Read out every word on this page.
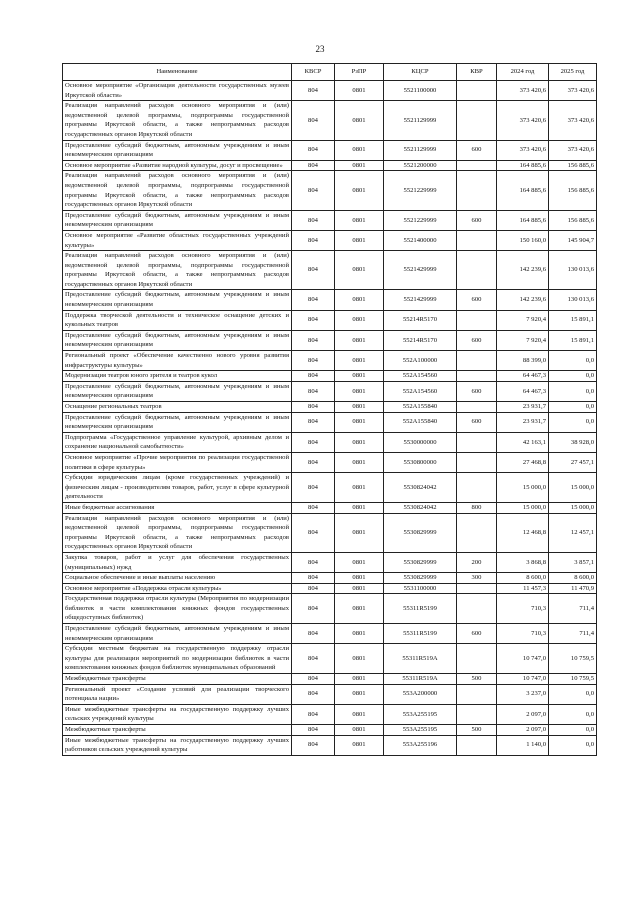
23
Наименование	КВСР	РзПР	КЦСР	КВР	2024 год	2025 год
Основное мероприятие «Организация деятельности государственных музеев Иркутской области»	804	0801	5521100000		373 420,6	373 420,6
Реализация направлений расходов основного мероприятия и (или) ведомственной целевой программы, подпрограммы государственной программы Иркутской области, а также непрограммных расходов государственных органов Иркутской области	804	0801	5521129999		373 420,6	373 420,6
Предоставление субсидий бюджетным, автономным учреждениям и иным некоммерческим организациям	804	0801	5521129999	600	373 420,6	373 420,6
Основное мероприятие «Развитие народной культуры, досуг и просвещение»	804	0801	5521200000		164 885,6	156 885,6
Реализация направлений расходов основного мероприятия и (или) ведомственной целевой программы, подпрограммы государственной программы Иркутской области, а также непрограммных расходов государственных органов Иркутской области	804	0801	5521229999		164 885,6	156 885,6
Предоставление субсидий бюджетным, автономным учреждениям и иным некоммерческим организациям	804	0801	5521229999	600	164 885,6	156 885,6
Основное мероприятие «Развитие областных государственных учреждений культуры»	804	0801	5521400000		150 160,0	145 904,7
Реализация направлений расходов основного мероприятия и (или) ведомственной целевой программы, подпрограммы государственной программы Иркутской области, а также непрограммных расходов государственных органов Иркутской области	804	0801	5521429999		142 239,6	130 013,6
Предоставление субсидий бюджетным, автономным учреждениям и иным некоммерческим организациям	804	0801	5521429999	600	142 239,6	130 013,6
Поддержка творческой деятельности и техническое оснащение детских и кукольных театров	804	0801	55214R5170		7 920,4	15 891,1
Предоставление субсидий бюджетным, автономным учреждениям и иным некоммерческим организациям	804	0801	55214R5170	600	7 920,4	15 891,1
Региональный проект «Обеспечение качественно нового уровня развития инфраструктуры культуры»	804	0801	552A100000		88 399,0	0,0
Модернизация театров юного зрителя и театров кукол	804	0801	552A154560		64 467,3	0,0
Предоставление субсидий бюджетным, автономным учреждениям и иным некоммерческим организациям	804	0801	552A154560	600	64 467,3	0,0
Оснащение региональных театров	804	0801	552A155840		23 931,7	0,0
Предоставление субсидий бюджетным, автономным учреждениям и иным некоммерческим организациям	804	0801	552A155840	600	23 931,7	0,0
Подпрограмма «Государственное управление культурой, архивным делом и сохранение национальной самобытности»	804	0801	5530000000		42 163,1	38 928,0
Основное мероприятие «Прочие мероприятия по реализации государственной политики в сфере культуры»	804	0801	5530800000		27 468,8	27 457,1
Субсидии юридическим лицам (кроме государственных учреждений) и физическим лицам - производителям товаров, работ, услуг в сфере культурной деятельности	804	0801	5530824042		15 000,0	15 000,0
Иные бюджетные ассигнования	804	0801	5530824042	800	15 000,0	15 000,0
Реализация направлений расходов основного мероприятия и (или) ведомственной целевой программы, подпрограммы государственной программы Иркутской области, а также непрограммных расходов государственных органов Иркутской области	804	0801	5530829999		12 468,8	12 457,1
Закупка товаров, работ и услуг для обеспечения государственных (муниципальных) нужд	804	0801	5530829999	200	3 868,8	3 857,1
Социальное обеспечение и иные выплаты населению	804	0801	5530829999	300	8 600,0	8 600,0
Основное мероприятие «Поддержка отрасли культуры»	804	0801	5531100000		11 457,3	11 470,9
Государственная поддержка отрасли культуры (Мероприятия по модернизации библиотек в части комплектования книжных фондов государственных общедоступных библиотек)	804	0801	55311R5199		710,3	711,4
Предоставление субсидий бюджетным, автономным учреждениям и иным некоммерческим организациям	804	0801	55311R5199	600	710,3	711,4
Субсидии местным бюджетам на государственную поддержку отрасли культуры для реализации мероприятий по модернизации библиотек в части комплектования книжных фондов библиотек муниципальных образований	804	0801	55311R519A		10 747,0	10 759,5
Межбюджетные трансферты	804	0801	55311R519A	500	10 747,0	10 759,5
Региональный проект «Создание условий для реализации творческого потенциала нации»	804	0801	553A200000		3 237,0	0,0
Иные межбюджетные трансферты на государственную поддержку лучших сельских учреждений культуры	804	0801	553A255195		2 097,0	0,0
Межбюджетные трансферты	804	0801	553A255195	500	2 097,0	0,0
Иные межбюджетные трансферты на государственную поддержку лучших работников сельских учреждений культуры	804	0801	553A255196		1 140,0	0,0
